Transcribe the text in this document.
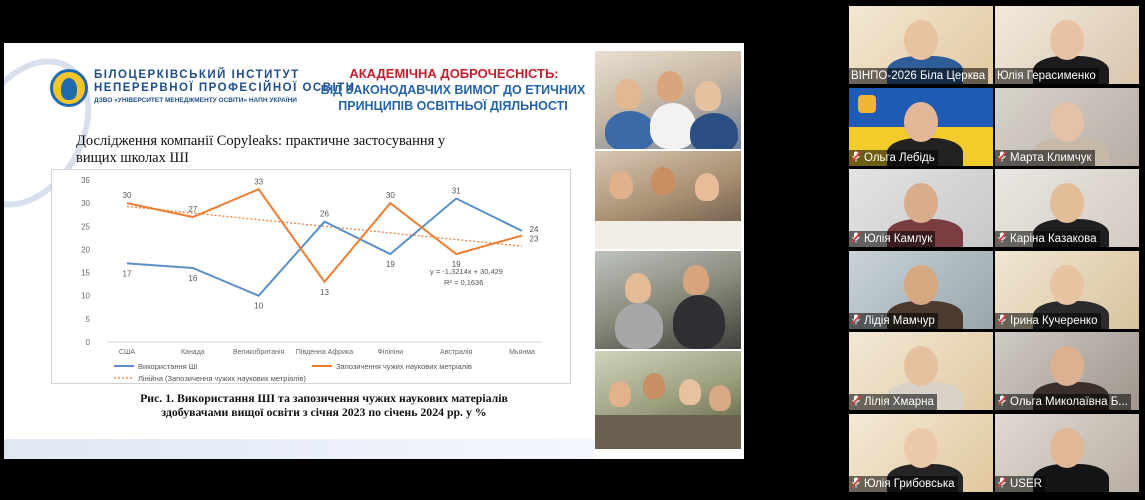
БІЛОЦЕРКІВСЬКИЙ ІНСТИТУТ
НЕПЕРЕРВНОЇ ПРОФЕСІЙНОЇ ОСВІТИ
ДЗВО «УНІВЕРСИТЕТ МЕНЕДЖМЕНТУ ОСВІТИ» НАПН УКРАЇНИ
АКАДЕМІЧНА ДОБРОЧЕСНІСТЬ:
ВІД ЗАКОНОДАВЧИХ ВИМОГ ДО ЕТИЧНИХ
ПРИНЦИПІВ ОСВІТНЬОЇ ДІЯЛЬНОСТІ
Дослідження компанії Copyleaks: практичне застосування у
вищих школах ШІ
35
30
25
20
15
10
5
0
США	Канада	Великобританія Південна Африка	Філіпіни	Австралія	Мьянма
17
16
10
26
19
31
24
30
27
33
13
30
19
23
y = -1,3214x + 30,429
R² = 0,1636
Використання ШІ	Запозичення чужих наукових метріалів
Лінійна (Запозичення чужих наукових метріалів)
Рис. 1. Використання ШІ та запозичення чужих наукових матеріалів
здобувачами вищої освіти з січня 2023 по січень 2024 рр. у %
ВІНПО-2026 Біла Церква Юлія Герасименко
Ольга Лебідь	Марта Климчук
Юлія Камлук	Каріна Казакова
Лідія Мамчур	Ірина Кучеренко
Лілія Хмарна	Ольга Миколаївна Б...
Юлія Грибовська	USER
